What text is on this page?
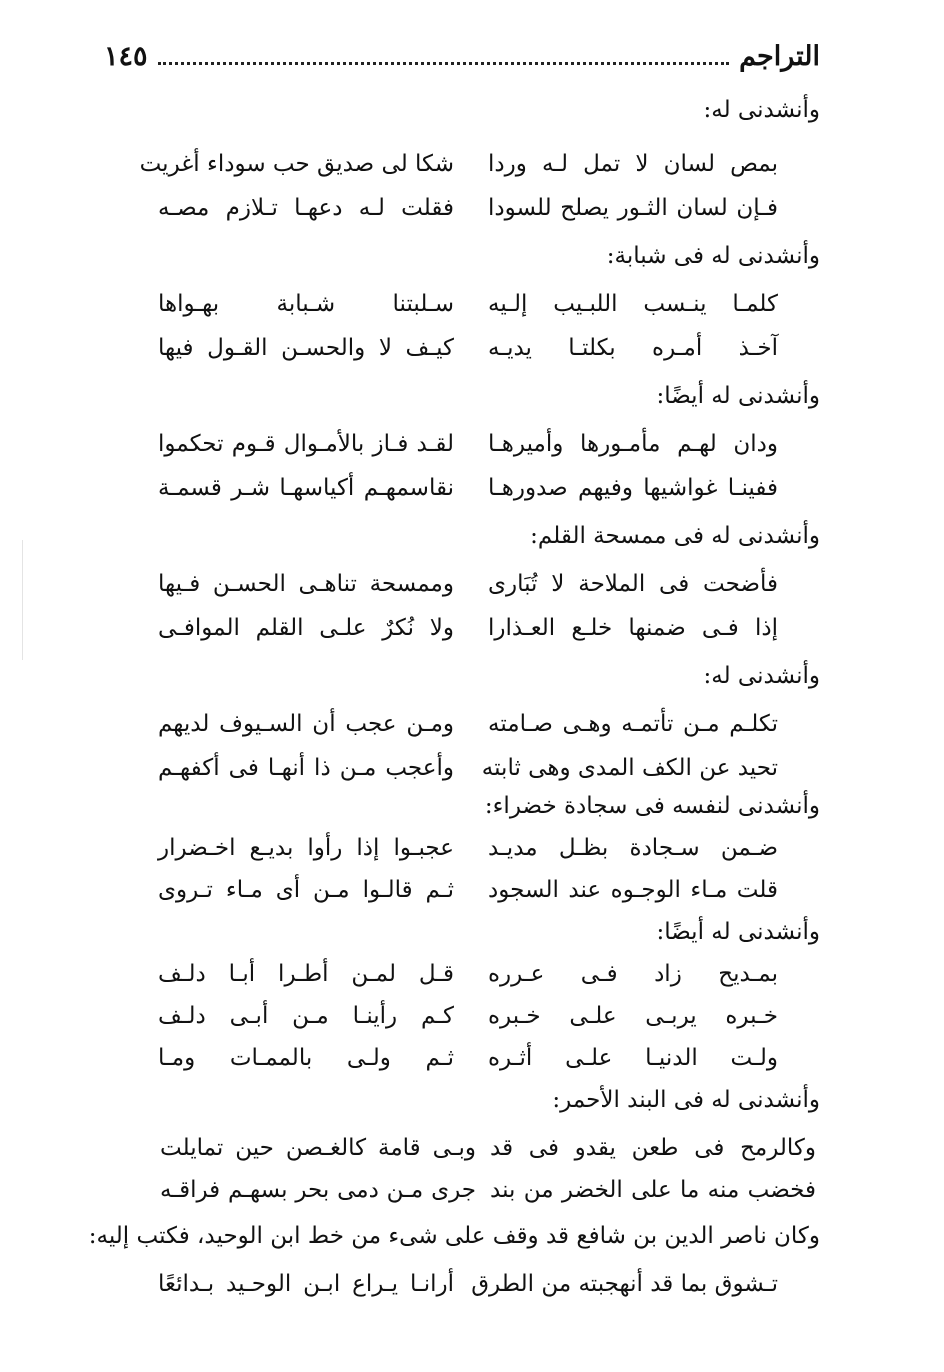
التراجم
١٤٥
وأنشدنى له:
شكا لى صديق حب سوداء أغريت بمص لسان لا تمل لـه وردا
فقلت لـه دعهـا تـلازم مصـه فـإن لسان الثـور يصلح للسودا
وأنشدنى له فى شبابة:
سـلبتنا شـبابة بهـواها كلمـا ينـسب اللبـيب إلـيه
كيـف لا والحسـن القـول فيها آخـذ أمـره بكلتـا يديـه
وأنشدنى له أيضًا:
لقـد فـاز بالأمـوال قـوم تحكموا ودان لهـم مأمـورها وأميرهـا
نقاسمهـم أكياسهـا شـر قسمـة ففينـا غواشيها وفيهم صدورهـا
وأنشدنى له فى ممسحة القلم:
وممسحة تناهـى الحسـن فـيها فأضحت فى الملاحة لا تُبَارى
ولا نُكرٌ علـى القلم الموافـى إذا فـى ضمنها خلـع العـذارا
وأنشدنى له:
ومـن عجب أن السـيوف لديهم تكلـم مـن تأتمـه وهـى صـامته
وأعجب مـن ذا أنهـا فى أكفهـم تحيد عن الكف المدى وهى ثابته
وأنشدنى لنفسه فى سجادة خضراء:
عجبـوا إذا رأوا بديـع اخـضرار ضـمن سـجادة بظـل مديـد
ثـم قالـوا مـن أى مـاء تـروى قلت مـاء الوجـوه عند السجود
وأنشدنى له أيضًا:
قـل لمـن أطـرا أبـا دلـف بمـديح زاد فـى عـرره
كـم رأينـا مـن أبـى دلـف خـبره يربـى علـى خـبره
ثـم ولـى بالممـات ومـا ولـت الدنيـا علـى أثـره
وأنشدنى له فى البند الأحمر:
وبـى قامة كالغـصن حين تمايلت وكالرمح فى طعن يقدو فى قد
جرى مـن دمى بحر بسهـم فراقـه فخضب منه ما على الخضر من بند
وكان ناصر الدين بن شافع قد وقف على شىء من خط ابن الوحيد، فكتب إليه:
أرانـا يـراع ابـن الوحـيد بـدائعًا تـشوق بما قد أنهجبته من الطرق
